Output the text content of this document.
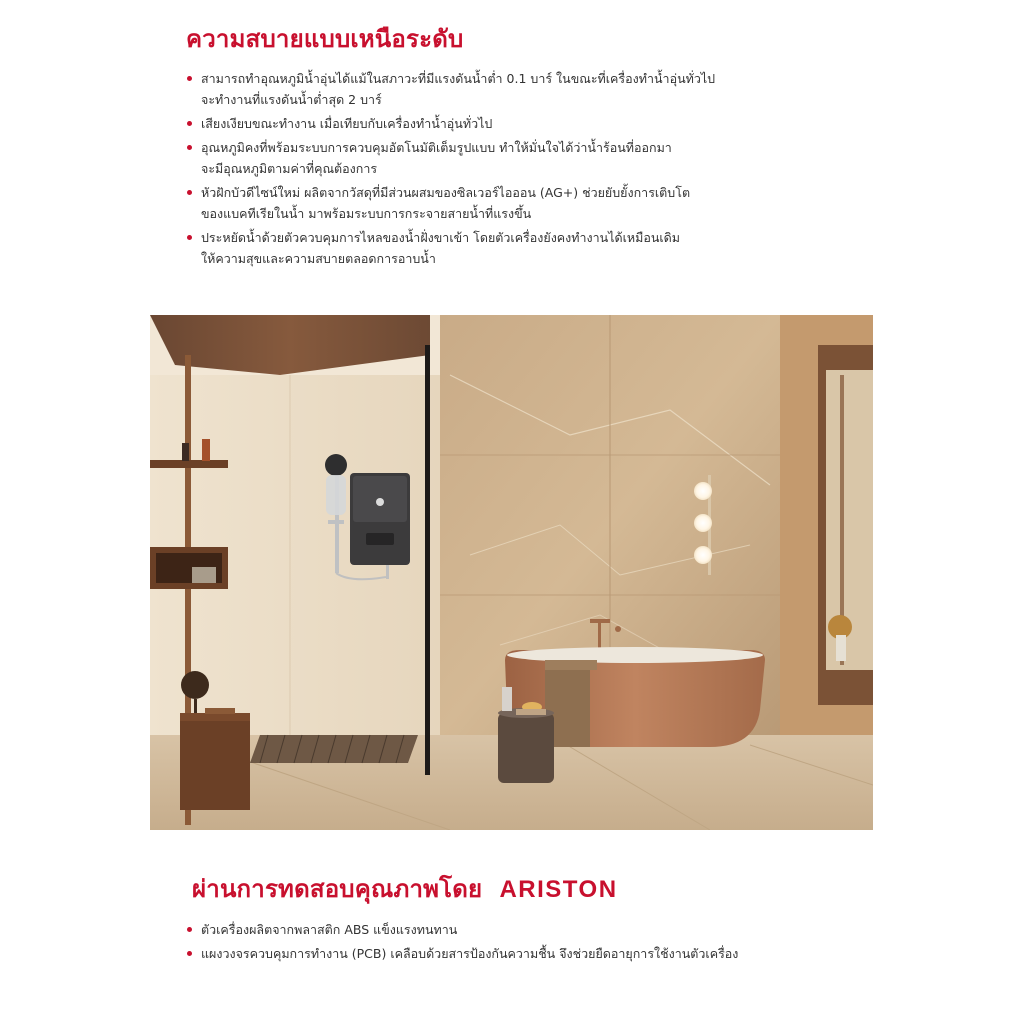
ความสบายแบบเหนือระดับ
สามารถทำอุณหภูมิน้ำอุ่นได้แม้ในสภาวะที่มีแรงดันน้ำต่ำ 0.1 บาร์ ในขณะที่เครื่องทำน้ำอุ่นทั่วไป
จะทำงานที่แรงดันน้ำต่ำสุด 2 บาร์
เสียงเงียบขณะทำงาน เมื่อเทียบกับเครื่องทำน้ำอุ่นทั่วไป
อุณหภูมิคงที่พร้อมระบบการควบคุมอัตโนมัติเต็มรูปแบบ ทำให้มั่นใจได้ว่าน้ำร้อนที่ออกมา
จะมีอุณหภูมิตามค่าที่คุณต้องการ
หัวฝักบัวดีไซน์ใหม่ ผลิตจากวัสดุที่มีส่วนผสมของซิลเวอร์ไอออน (AG+) ช่วยยับยั้งการเติบโต
ของแบคทีเรียในน้ำ มาพร้อมระบบการกระจายสายน้ำที่แรงขึ้น
ประหยัดน้ำด้วยตัวควบคุมการไหลของน้ำฝั่งขาเข้า โดยตัวเครื่องยังคงทำงานได้เหมือนเดิม
ให้ความสุขและความสบายตลอดการอาบน้ำ
ผ่านการทดสอบคุณภาพโดย ARISTON
ตัวเครื่องผลิตจากพลาสติก ABS แข็งแรงทนทาน
แผงวงจรควบคุมการทำงาน (PCB) เคลือบด้วยสารป้องกันความชื้น จึงช่วยยืดอายุการใช้งานตัวเครื่อง
